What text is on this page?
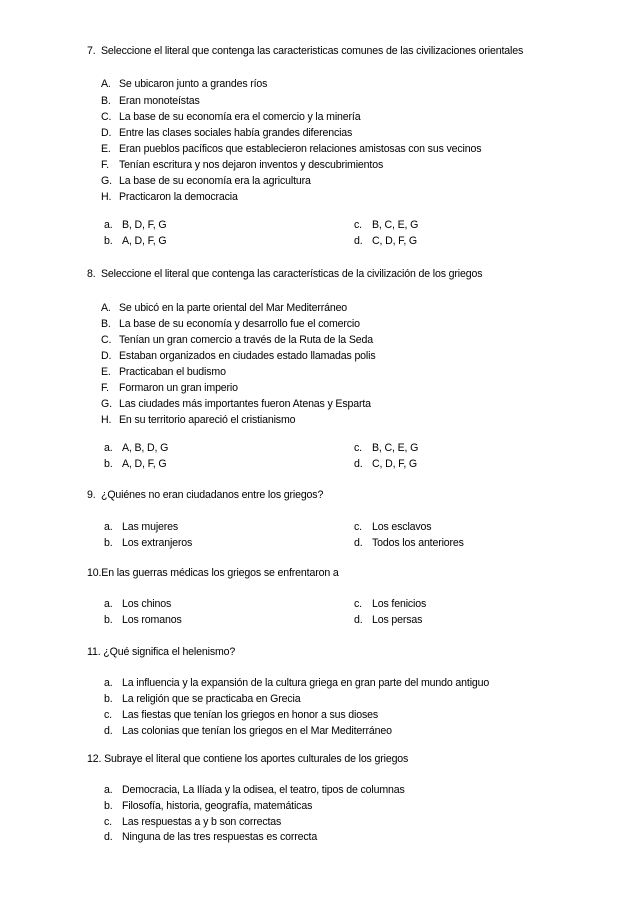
7. Seleccione el literal que contenga las caracteristicas comunes de las civilizaciones orientales
A. Se ubicaron junto a grandes ríos
B. Eran monoteístas
C. La base de su economía era el comercio y la minería
D. Entre las clases sociales había grandes diferencias
E. Eran pueblos pacíficos que establecieron relaciones amistosas con sus vecinos
F. Tenían escritura y nos dejaron inventos y descubrimientos
G. La base de su economía era la agricultura
H. Practicaron la democracia
a. B, D, F, G
b. A, D, F, G
c. B, C, E, G
d. C, D, F, G
8. Seleccione el literal que contenga las características de la civilización de los griegos
A. Se ubicó en la parte oriental del Mar Mediterráneo
B. La base de su economía y desarrollo fue el comercio
C. Tenían un gran comercio a través de la Ruta de la Seda
D. Estaban organizados en ciudades estado llamadas polis
E. Practicaban el budismo
F. Formaron un gran imperio
G. Las ciudades más importantes fueron Atenas y Esparta
H. En su territorio apareció el cristianismo
a. A, B, D, G
b. A, D, F, G
c. B, C, E, G
d. C, D, F, G
9. ¿Quiénes no eran ciudadanos entre los griegos?
a. Las mujeres
b. Los extranjeros
c. Los esclavos
d. Todos los anteriores
10.En las guerras médicas los griegos se enfrentaron a
a. Los chinos
b. Los romanos
c. Los fenicios
d. Los persas
11. ¿Qué significa el helenismo?
a. La influencia y la expansión de la cultura griega en gran parte del mundo antiguo
b. La religión que se practicaba en Grecia
c. Las fiestas que tenían los griegos en honor a sus dioses
d. Las colonias que tenían los griegos en el Mar Mediterráneo
12. Subraye el literal que contiene los aportes culturales de los griegos
a. Democracia, La Ilíada y la odisea, el teatro, tipos de columnas
b. Filosofía, historia, geografía, matemáticas
c. Las respuestas a y b son correctas
d. Ninguna de las tres respuestas es correcta
